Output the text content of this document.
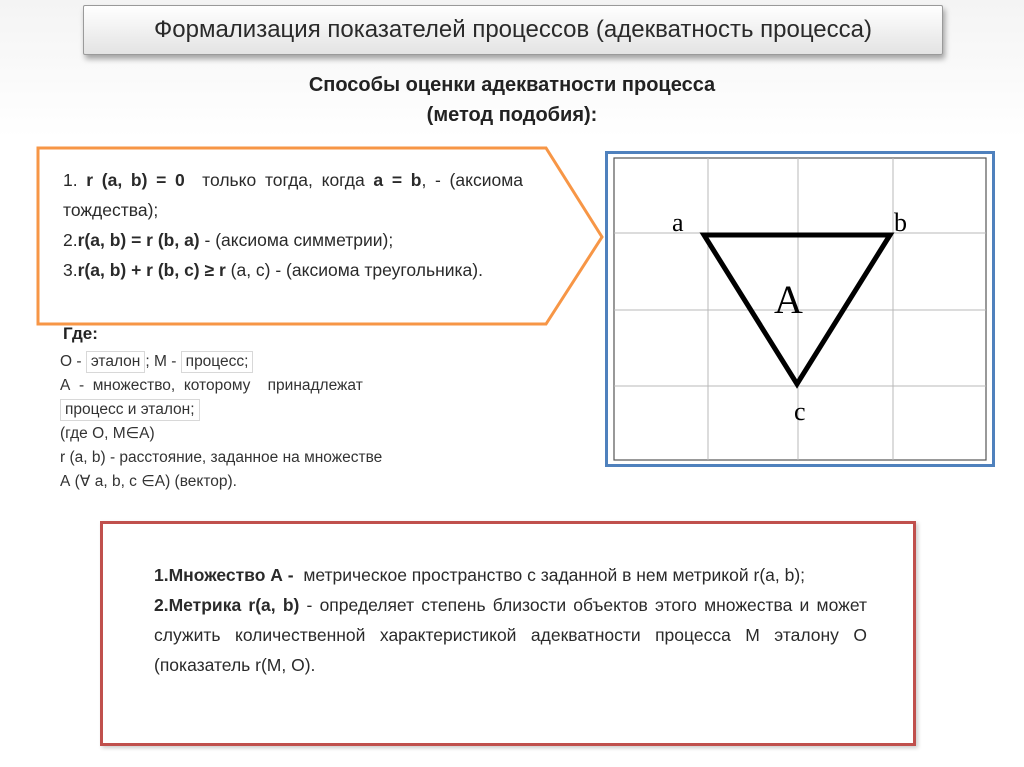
Формализация показателей процессов (адекватность процесса)
Способы оценки адекватности процесса
(метод подобия):

1. r (a, b) = 0  только тогда, когда a = b, - (аксиома тождества);

2.r(a, b) = r (b, a) - (аксиома симметрии);

3.r(a, b) + r (b, c) ≥ r (a, c) - (аксиома треугольника).

Где:
О - эталон ; М - процесс;
А  -  множество,  которому    принадлежат
процесс и эталон;
(где О, М∈А)
r (a, b) - расстояние, заданное на множестве
А (∀ a, b, c ∈А) (вектор).
a	b
c
A

1.Множество А -  метрическое пространство с заданной в нем метрикой r(a, b);

2.Метрика r(a, b) - определяет степень близости объектов этого множества и может служить количественной характеристикой адекватности процесса М эталону О (показатель r(М, О).
